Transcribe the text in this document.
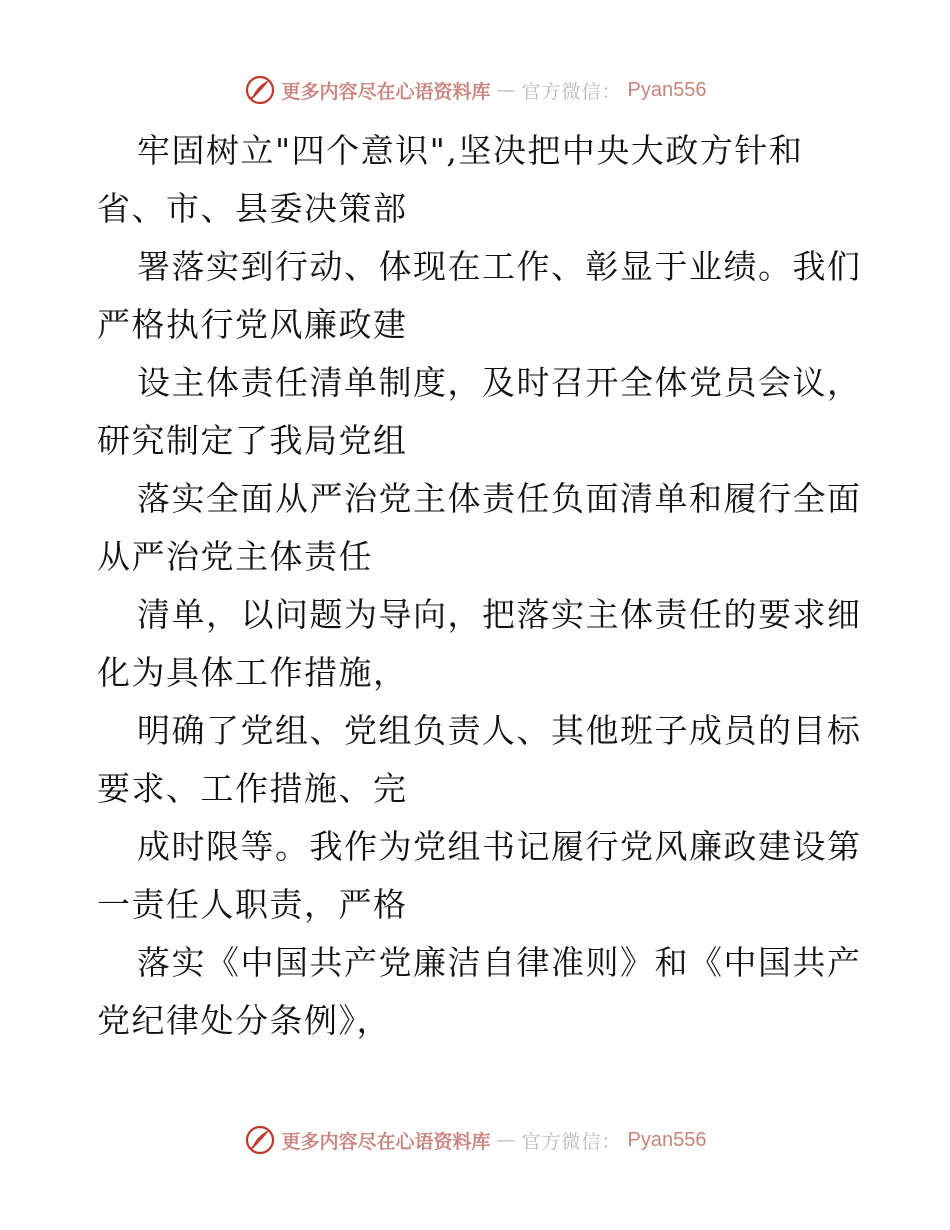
更多内容尽在心语资料库 — 官方微信： Pyan556
牢固树立"四个意识",坚决把中央大政方针和
省、市、县委决策部
署落实到行动、体现在工作、彰显于业绩。我们
严格执行党风廉政建
设主体责任清单制度，及时召开全体党员会议，
研究制定了我局党组
落实全面从严治党主体责任负面清单和履行全面
从严治党主体责任
清单，以问题为导向，把落实主体责任的要求细
化为具体工作措施，
明确了党组、党组负责人、其他班子成员的目标
要求、工作措施、完
成时限等。我作为党组书记履行党风廉政建设第
一责任人职责，严格
落实《中国共产党廉洁自律准则》和《中国共产
党纪律处分条例》，
更多内容尽在心语资料库 — 官方微信： Pyan556
